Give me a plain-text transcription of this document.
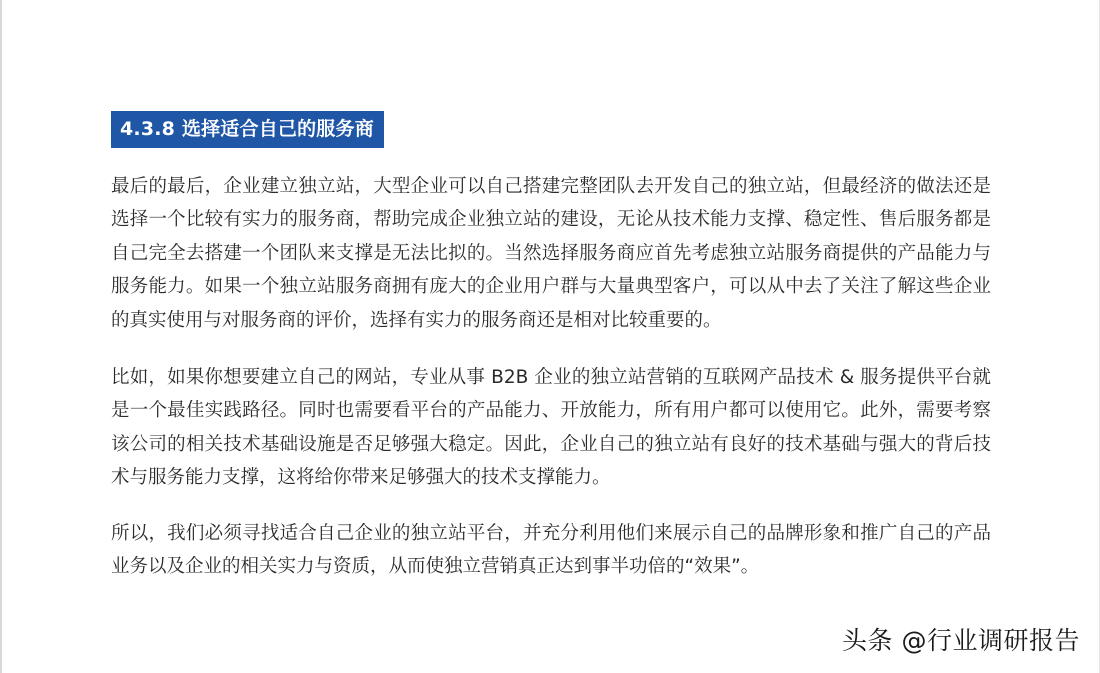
4.3.8 选择适合自己的服务商

最后的最后，企业建立独立站，大型企业可以自己搭建完整团队去开发自己的独立站，但最经济的做法还是选择一个比较有实力的服务商，帮助完成企业独立站的建设，无论从技术能力支撑、稳定性、售后服务都是自己完全去搭建一个团队来支撑是无法比拟的。当然选择服务商应首先考虑独立站服务商提供的产品能力与服务能力。如果一个独立站服务商拥有庞大的企业用户群与大量典型客户，可以从中去了关注了解这些企业的真实使用与对服务商的评价，选择有实力的服务商还是相对比较重要的。

比如，如果你想要建立自己的网站，专业从事 B2B 企业的独立站营销的互联网产品技术 & 服务提供平台就是一个最佳实践路径。同时也需要看平台的产品能力、开放能力，所有用户都可以使用它。此外，需要考察该公司的相关技术基础设施是否足够强大稳定。因此，企业自己的独立站有良好的技术基础与强大的背后技术与服务能力支撑，这将给你带来足够强大的技术支撑能力。

所以，我们必须寻找适合自己企业的独立站平台，并充分利用他们来展示自己的品牌形象和推广自己的产品业务以及企业的相关实力与资质，从而使独立营销真正达到事半功倍的“效果”。

头条 @行业调研报告
